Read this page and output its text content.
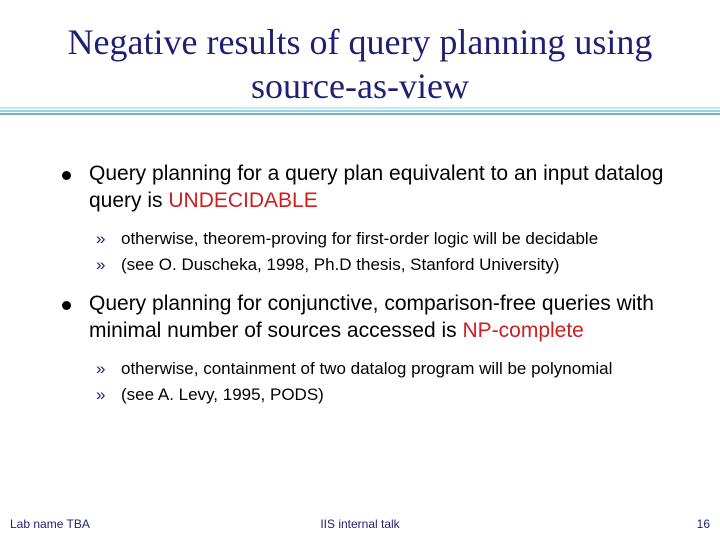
Negative results of query planning using
source-as-view
Query planning for a query plan equivalent to an input datalog query is UNDECIDABLE
» otherwise, theorem-proving for first-order logic will be decidable
» (see O. Duscheka, 1998, Ph.D thesis, Stanford University)
Query planning for conjunctive, comparison-free queries with minimal number of sources accessed is NP-complete
» otherwise, containment of two datalog program will be polynomial
» (see A. Levy, 1995, PODS)
Lab name TBA	IIS internal talk	16
